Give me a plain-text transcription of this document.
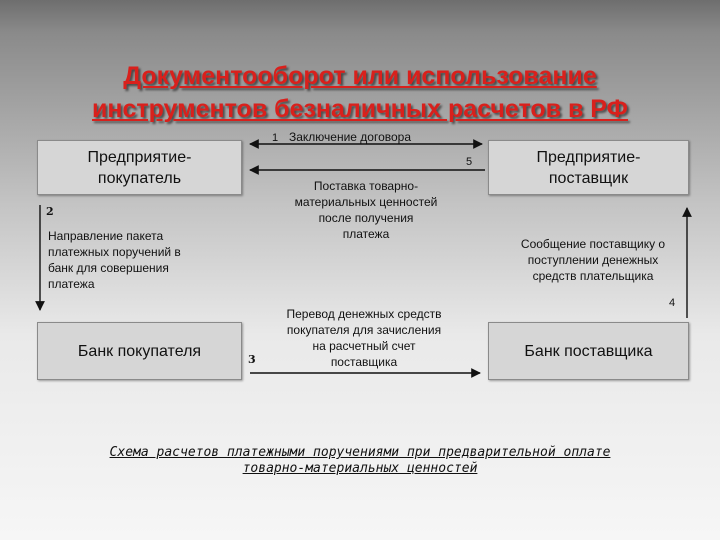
Документооборот или использование
инструментов безналичных расчетов в РФ
Предприятие-
покупатель
Предприятие-
поставщик
Банк покупателя	Банк поставщика
1 Заключение договора
5
Поставка товарно-
материальных ценностей
после получения
платежа
2
Направление пакета
платежных поручений в
банк для совершения
платежа
Сообщение поставщику о
поступлении денежных
средств плательщика
4
Перевод денежных средств
покупателя для зачисления
на расчетный счет
поставщика
3
Схема расчетов платежными поручениями при предварительной оплате
товарно-материальных ценностей
